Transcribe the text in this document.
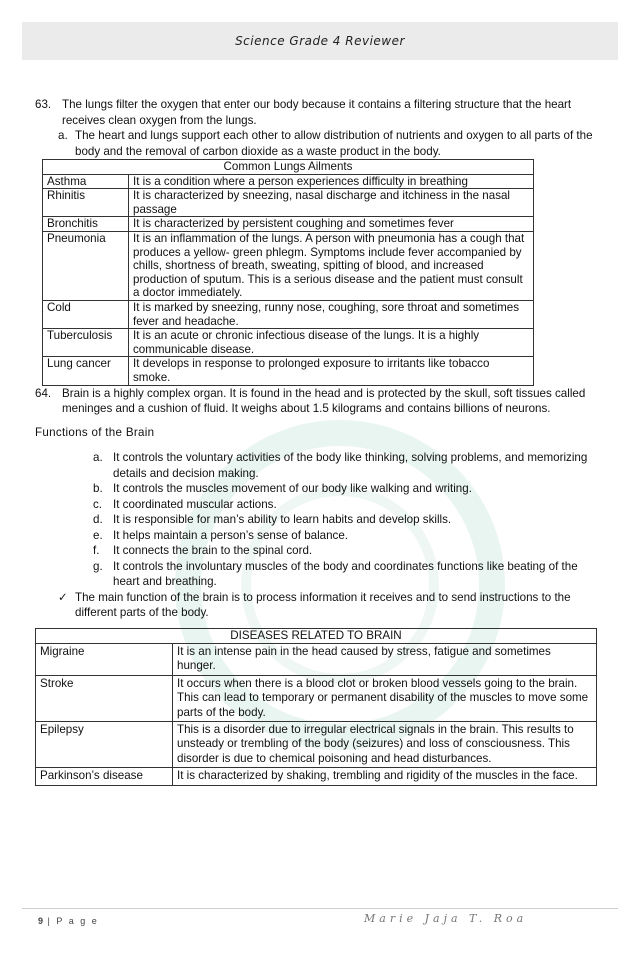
Science Grade 4 Reviewer
63. The lungs filter the oxygen that enter our body because it contains a filtering structure that the heart receives clean oxygen from the lungs.
a. The heart and lungs support each other to allow distribution of nutrients and oxygen to all parts of the body and the removal of carbon dioxide as a waste product in the body.
Common Lungs Ailments	
Asthma	It is a condition where a person experiences difficulty in breathing
Rhinitis	It is characterized by sneezing, nasal discharge and itchiness in the nasal passage
Bronchitis	It is characterized by persistent coughing and sometimes fever
Pneumonia	It is an inflammation of the lungs. A person with pneumonia has a cough that produces a yellow- green phlegm. Symptoms include fever accompanied by chills, shortness of breath, sweating, spitting of blood, and increased production of sputum. This is a serious disease and the patient must consult a doctor immediately.
Cold	It is marked by sneezing, runny nose, coughing, sore throat and sometimes fever and headache.
Tuberculosis	It is an acute or chronic infectious disease of the lungs. It is a highly communicable disease.
Lung cancer	It develops in response to prolonged exposure to irritants like tobacco smoke.
64. Brain is a highly complex organ. It is found in the head and is protected by the skull, soft tissues called meninges and a cushion of fluid. It weighs about 1.5 kilograms and contains billions of neurons.
Functions of the Brain
a. It controls the voluntary activities of the body like thinking, solving problems, and memorizing details and decision making.
b. It controls the muscles movement of our body like walking and writing.
c. It coordinated muscular actions.
d. It is responsible for man’s ability to learn habits and develop skills.
e. It helps maintain a person’s sense of balance.
f. It connects the brain to the spinal cord.
g. It controls the involuntary muscles of the body and coordinates functions like beating of the heart and breathing.
✓ The main function of the brain is to process information it receives and to send instructions to the different parts of the body.
DISEASES RELATED TO BRAIN	
Migraine	It is an intense pain in the head caused by stress, fatigue and sometimes hunger.
Stroke	It occurs when there is a blood clot or broken blood vessels going to the brain. This can lead to temporary or permanent disability of the muscles to move some parts of the body.
Epilepsy	This is a disorder due to irregular electrical signals in the brain. This results to unsteady or trembling of the body (seizures) and loss of consciousness. This disorder is due to chemical poisoning and head disturbances.
Parkinson’s disease	It is characterized by shaking, trembling and rigidity of the muscles in the face.
9 | P a g e	Marie Jaja T. Roa
